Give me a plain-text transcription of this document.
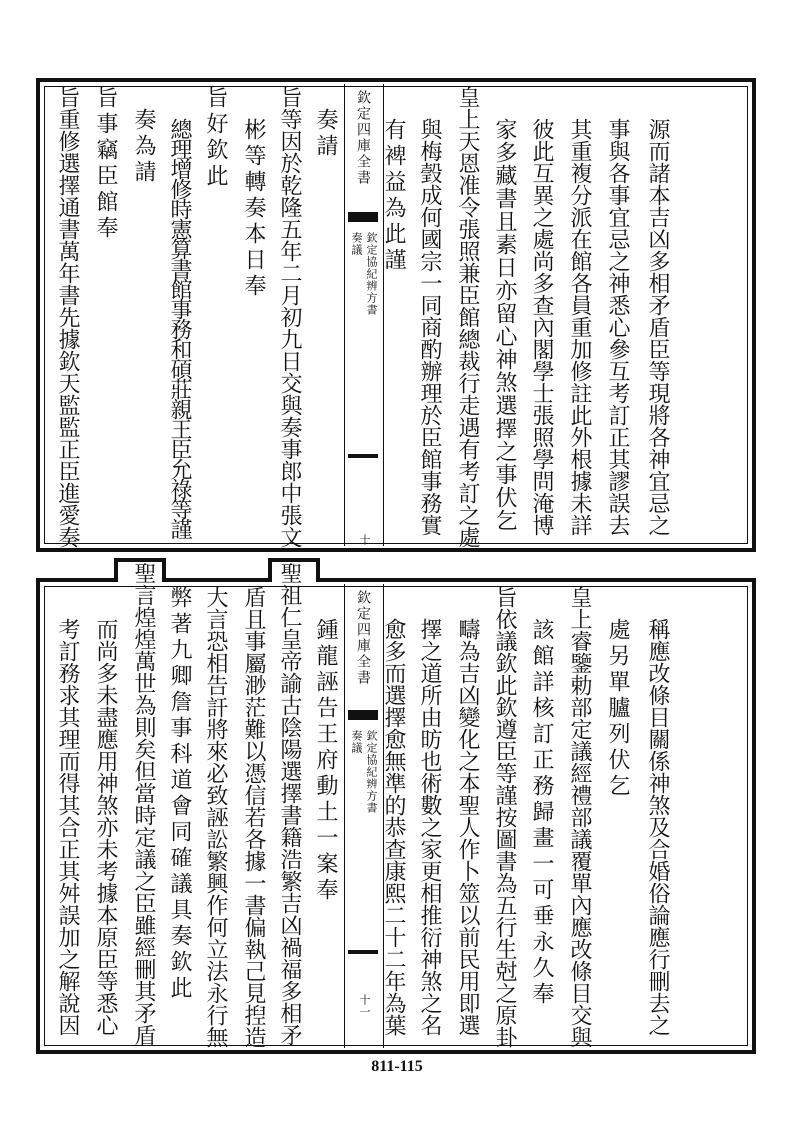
欽定四庫全書
欽定協紀辨方書
奏議
十
源而諸本吉凶多相矛盾臣等現將各神宜忌之
事與各事宜忌之神悉心參互考訂正其謬誤去
其重複分派在館各員重加修註此外根據未詳
彼此互異之處尚多查內閣學士張照學問淹博
家多藏書且素日亦留心神煞選擇之事伏乞
皇上天恩准令張照兼臣館總裁行走遇有考訂之處
與梅瑴成何國宗一同商酌辦理於臣館事務實
有裨益為此謹
奏請
旨等因於乾隆五年二月初九日交與奏事郎中張文
彬等轉奏本日奉
旨好欽此
總理增修時憲算書館事務和碩莊親王臣允祿等謹
奏為請
旨事竊臣館奉
旨重修選擇通書萬年書先據欽天監監正臣進愛奏
欽定四庫全書
欽定協紀辨方書
奏議
十一	稱應改條目關係神煞及合婚俗論應行刪去之
處另單臚列伏乞
皇上睿鑒勅部定議經禮部議覆單內應改條目交與
該館詳核訂正務歸畫一可垂永久奉
旨依議欽此欽遵臣等謹按圖書為五行生尅之原卦
疇為吉凶變化之本聖人作卜筮以前民用即選
擇之道所由昉也術數之家更相推衍神煞之名
愈多而選擇愈無準的恭查康熙二十二年為葉
鍾龍誣告王府動土一案奉
聖祖仁皇帝諭古陰陽選擇書籍浩繁吉凶禍福多相矛
盾且事屬渺茫難以憑信若各據一書偏執己見揑造
大言恐相告訐將來必致誣訟繁興作何立法永行無
弊著九卿詹事科道會同確議具奏欽此
聖言煌煌萬世為則矣但當時定議之臣雖經刪其矛盾
而尚多未盡應用神煞亦未考據本原臣等悉心
考訂務求其理而得其合正其舛誤加之解說因
811-115
